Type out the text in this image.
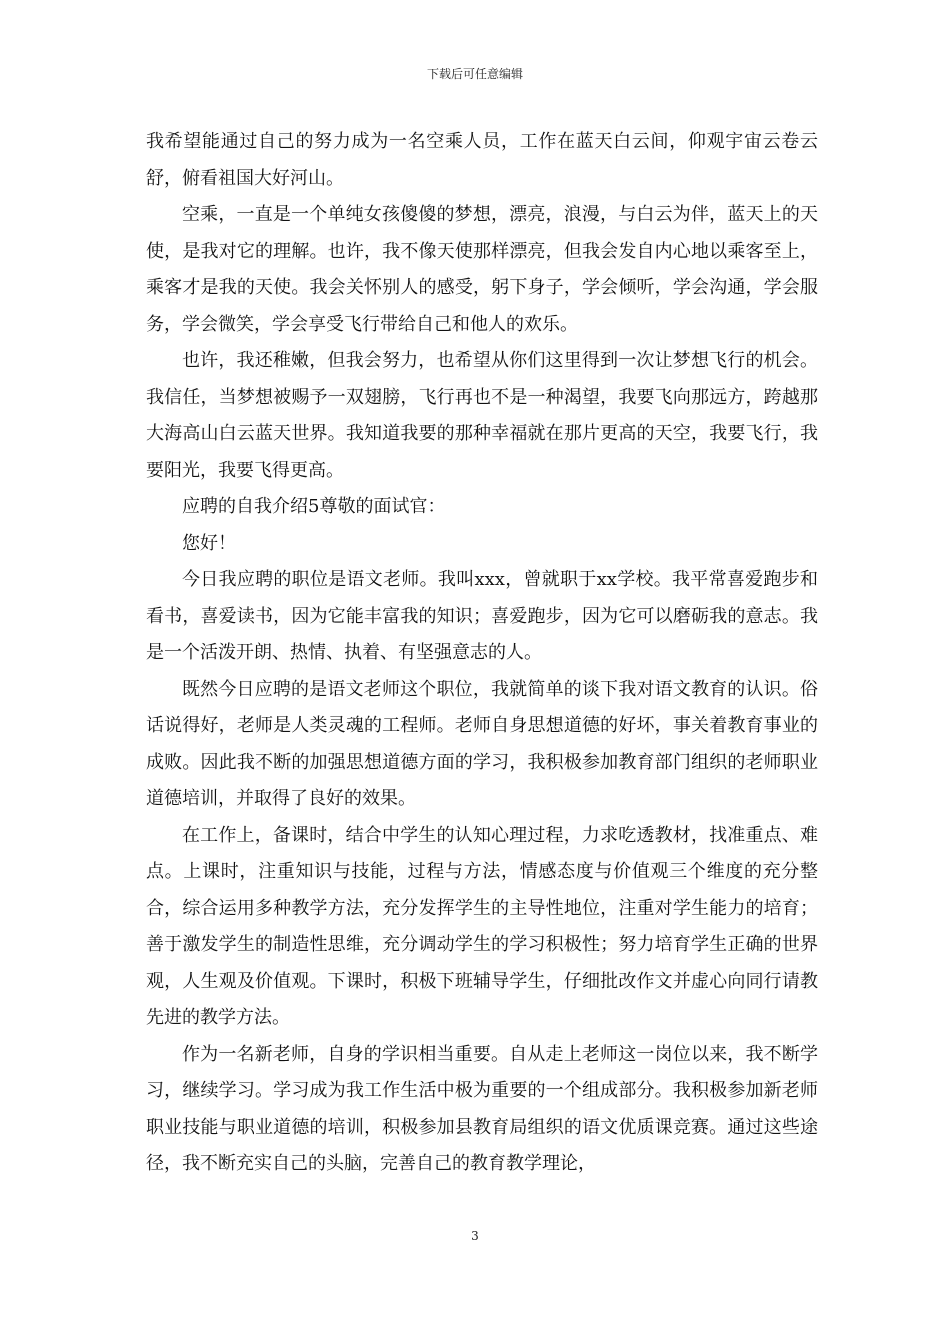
下载后可任意编辑

我希望能通过自己的努力成为一名空乘人员，工作在蓝天白云间，仰观宇宙云卷云舒，俯看祖国大好河山。

空乘，一直是一个单纯女孩傻傻的梦想，漂亮，浪漫，与白云为伴，蓝天上的天使，是我对它的理解。也许，我不像天使那样漂亮，但我会发自内心地以乘客至上，乘客才是我的天使。我会关怀别人的感受，躬下身子，学会倾听，学会沟通，学会服务，学会微笑，学会享受飞行带给自己和他人的欢乐。

也许，我还稚嫩，但我会努力，也希望从你们这里得到一次让梦想飞行的机会。我信任，当梦想被赐予一双翅膀，飞行再也不是一种渴望，我要飞向那远方，跨越那大海高山白云蓝天世界。我知道我要的那种幸福就在那片更高的天空，我要飞行，我要阳光，我要飞得更高。

应聘的自我介绍5尊敬的面试官：

您好！

今日我应聘的职位是语文老师。我叫xxx，曾就职于xx学校。我平常喜爱跑步和看书，喜爱读书，因为它能丰富我的知识；喜爱跑步，因为它可以磨砺我的意志。我是一个活泼开朗、热情、执着、有坚强意志的人。

既然今日应聘的是语文老师这个职位，我就简单的谈下我对语文教育的认识。俗话说得好，老师是人类灵魂的工程师。老师自身思想道德的好坏，事关着教育事业的成败。因此我不断的加强思想道德方面的学习，我积极参加教育部门组织的老师职业道德培训，并取得了良好的效果。

在工作上，备课时，结合中学生的认知心理过程，力求吃透教材，找准重点、难点。上课时，注重知识与技能，过程与方法，情感态度与价值观三个维度的充分整合，综合运用多种教学方法，充分发挥学生的主导性地位，注重对学生能力的培育；善于激发学生的制造性思维，充分调动学生的学习积极性；努力培育学生正确的世界观，人生观及价值观。下课时，积极下班辅导学生，仔细批改作文并虚心向同行请教先进的教学方法。

作为一名新老师，自身的学识相当重要。自从走上老师这一岗位以来，我不断学习，继续学习。学习成为我工作生活中极为重要的一个组成部分。我积极参加新老师职业技能与职业道德的培训，积极参加县教育局组织的语文优质课竞赛。通过这些途径，我不断充实自己的头脑，完善自己的教育教学理论，

3
